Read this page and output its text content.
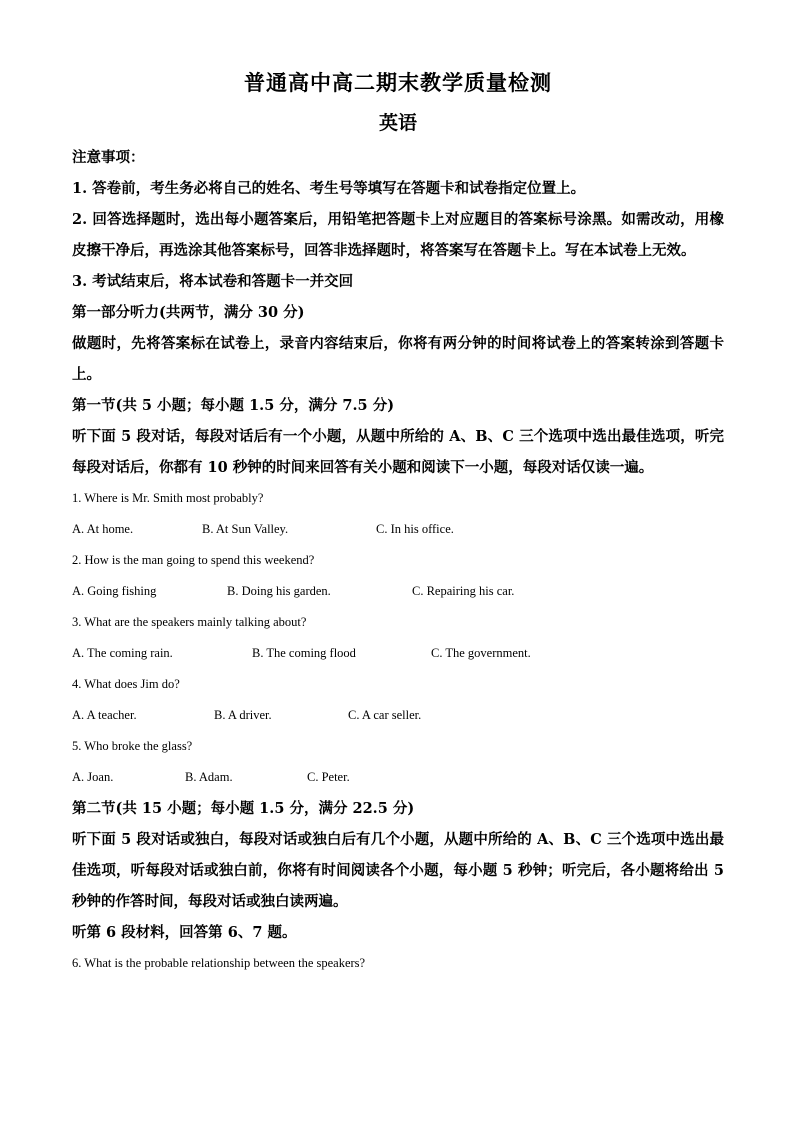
普通高中高二期末教学质量检测
英语

注意事项：

1. 答卷前，考生务必将自己的姓名、考生号等填写在答题卡和试卷指定位置上。

2. 回答选择题时，选出每小题答案后，用铅笔把答题卡上对应题目的答案标号涂黑。如需改动，用橡皮擦干净后，再选涂其他答案标号，回答非选择题时，将答案写在答题卡上。写在本试卷上无效。

3. 考试结束后，将本试卷和答题卡一并交回

第一部分听力(共两节，满分 30 分)

做题时，先将答案标在试卷上，录音内容结束后，你将有两分钟的时间将试卷上的答案转涂到答题卡上。

第一节(共 5 小题；每小题 1.5 分，满分 7.5 分)

听下面 5 段对话，每段对话后有一个小题，从题中所给的 A、B、C 三个选项中选出最佳选项，听完每段对话后，你都有 10 秒钟的时间来回答有关小题和阅读下一小题，每段对话仅读一遍。

1. Where is Mr. Smith most probably?

A. At home.	B. At Sun Valley.	C. In his office.

2. How is the man going to spend this weekend?

A. Going fishing	B. Doing his garden.	C. Repairing his car.

3. What are the speakers mainly talking about?

A. The coming rain.	B. The coming flood	C. The government.

4. What does Jim do?

A. A teacher.	B. A driver.	C. A car seller.

5. Who broke the glass?

A. Joan.	B. Adam.	C. Peter.

第二节(共 15 小题；每小题 1.5 分，满分 22.5 分)

听下面 5 段对话或独白，每段对话或独白后有几个小题，从题中所给的 A、B、C 三个选项中选出最佳选项，听每段对话或独白前，你将有时间阅读各个小题，每小题 5 秒钟；听完后，各小题将给出 5 秒钟的作答时间，每段对话或独白读两遍。

听第 6 段材料，回答第 6、7 题。

6. What is the probable relationship between the speakers?
